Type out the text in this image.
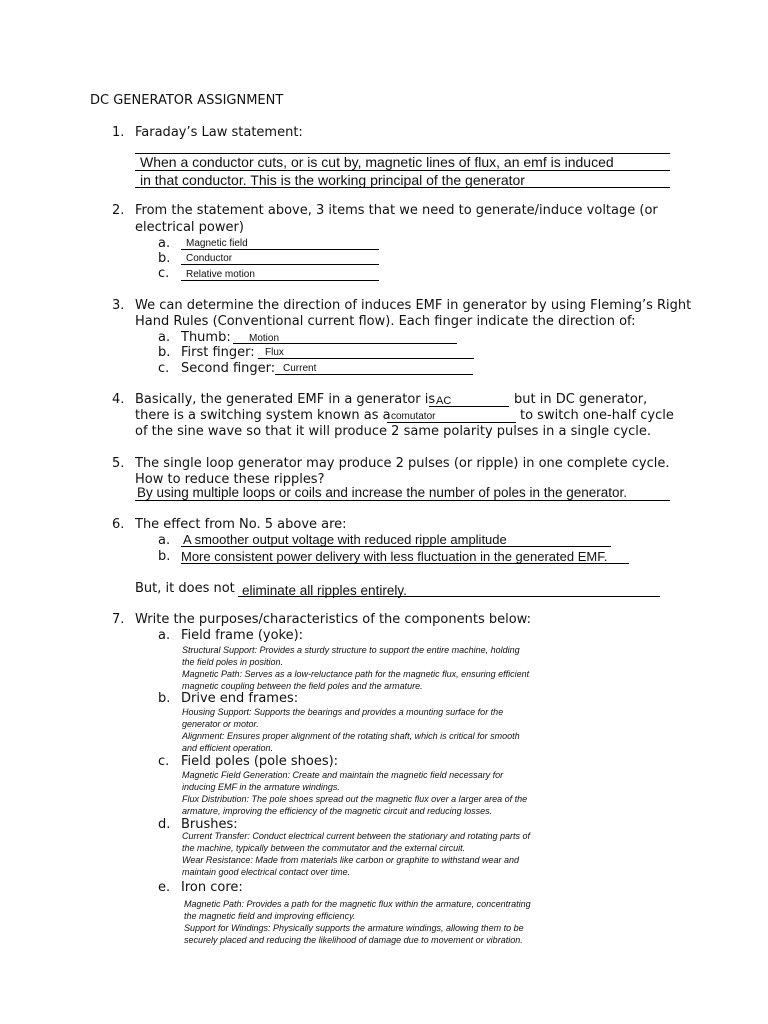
DC GENERATOR ASSIGNMENT
1. Faraday’s Law statement:
When a conductor cuts, or is cut by, magnetic lines of flux, an emf is induced
in that conductor. This is the working principal of the generator
2. From the statement above, 3 items that we need to generate/induce voltage (or
electrical power)
a. Magnetic field
b. Conductor
c. Relative motion
3. We can determine the direction of induces EMF in generator by using Fleming’s Right
Hand Rules (Conventional current flow). Each finger indicate the direction of:
a. Thumb: Motion
b. First finger: Flux
c. Second finger: Current
4. Basically, the generated EMF in a generator is AC	but in DC generator,
there is a switching system known as a comutator	to switch one-half cycle
of the sine wave so that it will produce 2 same polarity pulses in a single cycle.
5. The single loop generator may produce 2 pulses (or ripple) in one complete cycle.
How to reduce these ripples?
By using multiple loops or coils and increase the number of poles in the generator.
6. The effect from No. 5 above are:
a. A smoother output voltage with reduced ripple amplitude
b. More consistent power delivery with less fluctuation in the generated EMF.
But, it does not eliminate all ripples entirely.
7. Write the purposes/characteristics of the components below:
a. Field frame (yoke):
Structural Support: Provides a sturdy structure to support the entire machine, holding
the field poles in position.
Magnetic Path: Serves as a low-reluctance path for the magnetic flux, ensuring efficient
magnetic coupling between the field poles and the armature.
b. Drive end frames:
Housing Support: Supports the bearings and provides a mounting surface for the
generator or motor.
Alignment: Ensures proper alignment of the rotating shaft, which is critical for smooth
and efficient operation.
c. Field poles (pole shoes):
Magnetic Field Generation: Create and maintain the magnetic field necessary for
inducing EMF in the armature windings.
Flux Distribution: The pole shoes spread out the magnetic flux over a larger area of the
armature, improving the efficiency of the magnetic circuit and reducing losses.
d. Brushes:
Current Transfer: Conduct electrical current between the stationary and rotating parts of
the machine, typically between the commutator and the external circuit.
Wear Resistance: Made from materials like carbon or graphite to withstand wear and
maintain good electrical contact over time.
e. Iron core:
Magnetic Path: Provides a path for the magnetic flux within the armature, concentrating
the magnetic field and improving efficiency.
Support for Windings: Physically supports the armature windings, allowing them to be
securely placed and reducing the likelihood of damage due to movement or vibration.
